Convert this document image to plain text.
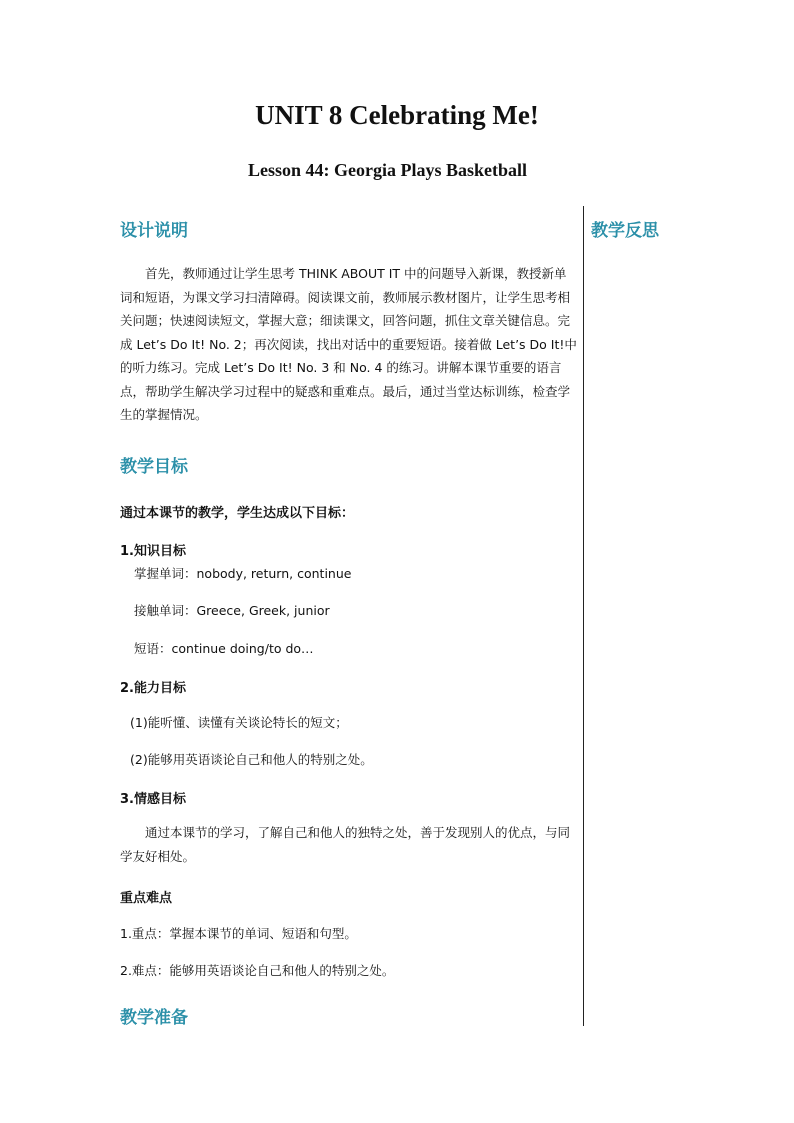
UNIT 8 Celebrating Me!
Lesson 44: Georgia Plays Basketball
教学反思
设计说明
首先，教师通过让学生思考 THINK ABOUT IT 中的问题导入新课，教授新单词和短语，为课文学习扫清障碍。阅读课文前，教师展示教材图片，让学生思考相关问题；快速阅读短文，掌握大意；细读课文，回答问题，抓住文章关键信息。完成 Let’s Do It! No. 2；再次阅读，找出对话中的重要短语。接着做 Let’s Do It!中的听力练习。完成 Let’s Do It! No. 3 和 No. 4 的练习。讲解本课节重要的语言点，帮助学生解决学习过程中的疑惑和重难点。最后，通过当堂达标训练，检查学生的掌握情况。
教学目标
通过本课节的教学，学生达成以下目标：
1.知识目标
掌握单词：nobody, return, continue
接触单词：Greece, Greek, junior
短语：continue doing/to do…
2.能力目标
(1)能听懂、读懂有关谈论特长的短文；
(2)能够用英语谈论自己和他人的特别之处。
3.情感目标
通过本课节的学习，了解自己和他人的独特之处，善于发现别人的优点，与同学友好相处。
重点难点
1.重点：掌握本课节的单词、短语和句型。
2.难点：能够用英语谈论自己和他人的特别之处。
教学准备
